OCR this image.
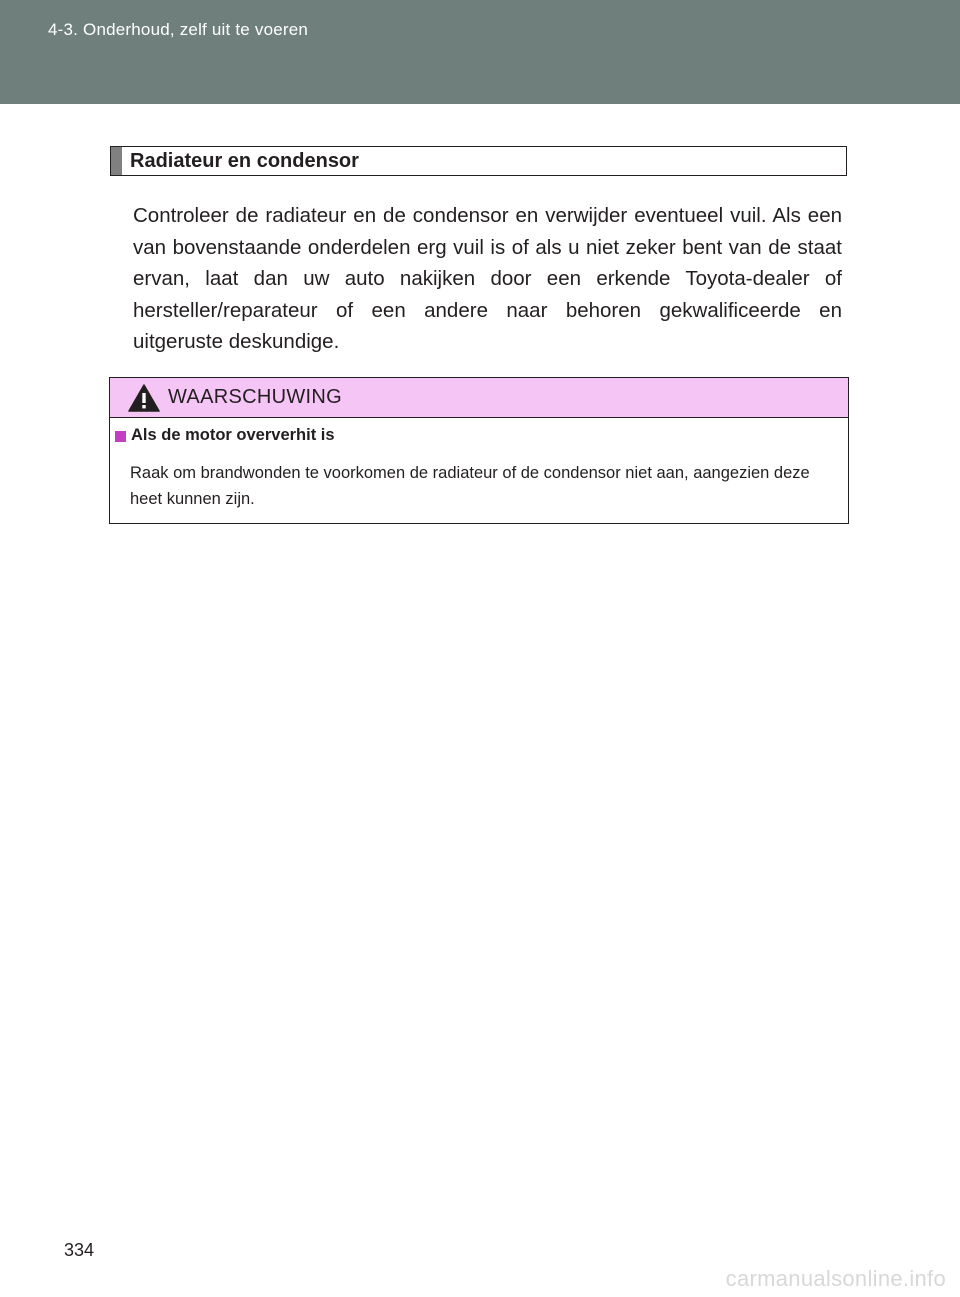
4-3. Onderhoud, zelf uit te voeren
Radiateur en condensor
Controleer de radiateur en de condensor en verwijder eventueel vuil. Als een van bovenstaande onderdelen erg vuil is of als u niet zeker bent van de staat ervan, laat dan uw auto nakijken door een erkende Toyota-dealer of hersteller/reparateur of een andere naar behoren gekwalificeerde en uitgeruste deskundige.
WAARSCHUWING
Als de motor oververhit is
Raak om brandwonden te voorkomen de radiateur of de condensor niet aan, aangezien deze heet kunnen zijn.
334
carmanualsonline.info
